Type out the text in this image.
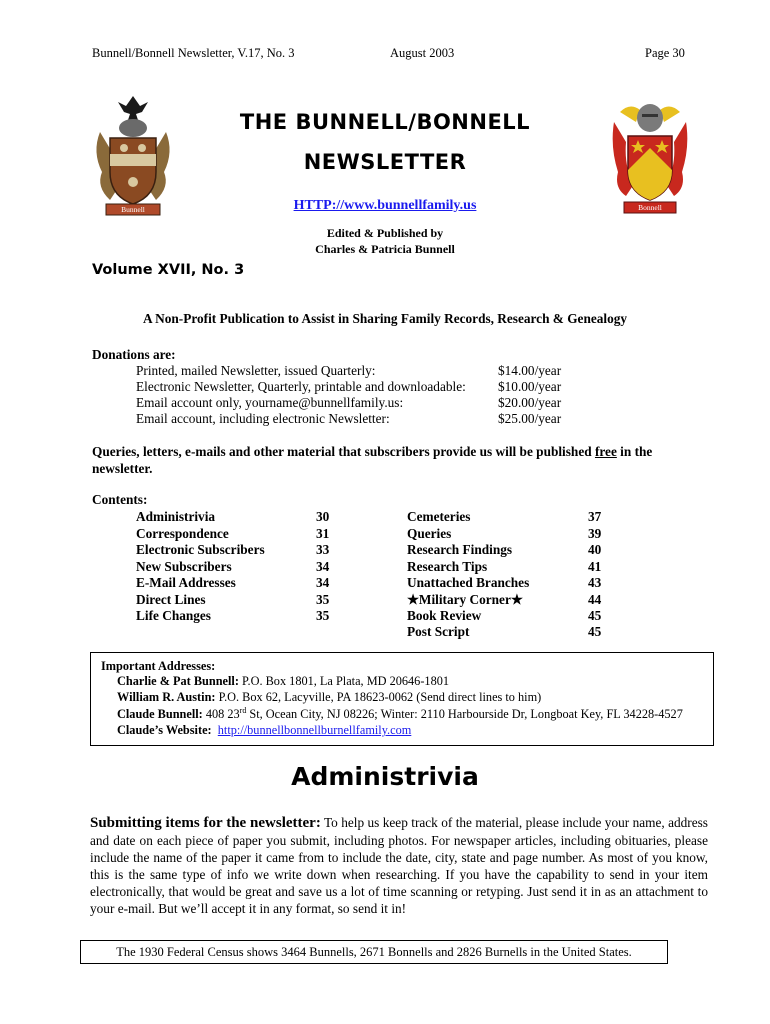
Bunnell/Bonnell Newsletter, V.17, No. 3	August 2003	Page 30
Bunnell	Bonnell
THE BUNNELL/BONNELL
NEWSLETTER
HTTP://www.bunnellfamily.us
Edited & Published by
Charles & Patricia Bunnell
Volume XVII, No. 3
A Non-Profit Publication to Assist in Sharing Family Records, Research & Genealogy
Donations are:
Printed, mailed Newsletter, issued Quarterly:	$14.00/year
Electronic Newsletter, Quarterly, printable and downloadable: $10.00/year
Email account only, yourname@bunnellfamily.us:	$20.00/year
Email account, including electronic Newsletter:	$25.00/year
Queries, letters, e-mails and other material that subscribers provide us will be published free in the newsletter.
Contents:
Administrivia	30
Correspondence	31
Electronic Subscribers	33
New Subscribers	34
E-Mail Addresses	34
Direct Lines	35
Life Changes	35
Cemeteries	37
Queries	39
Research Findings	40
Research Tips	41
Unattached Branches	43
★Military Corner★	44
Book Review	45
Post Script	45
Important Addresses:
Charlie & Pat Bunnell: P.O. Box 1801, La Plata, MD 20646-1801
William R. Austin: P.O. Box 62, Lacyville, PA 18623-0062 (Send direct lines to him)
Claude Bunnell: 408 23rd St, Ocean City, NJ 08226; Winter: 2110 Harbourside Dr, Longboat Key, FL 34228-4527
Claude’s Website: http://bunnellbonnellburnellfamily.com
Administrivia
Submitting items for the newsletter: To help us keep track of the material, please include your name, address and date on each piece of paper you submit, including photos. For newspaper articles, including obituaries, please include the name of the paper it came from to include the date, city, state and page number. As most of you know, this is the same type of info we write down when researching. If you have the capability to send in your item electronically, that would be great and save us a lot of time scanning or retyping. Just send it in as an attachment to your e-mail. But we’ll accept it in any format, so send it in!
The 1930 Federal Census shows 3464 Bunnells, 2671 Bonnells and 2826 Burnells in the United States.
